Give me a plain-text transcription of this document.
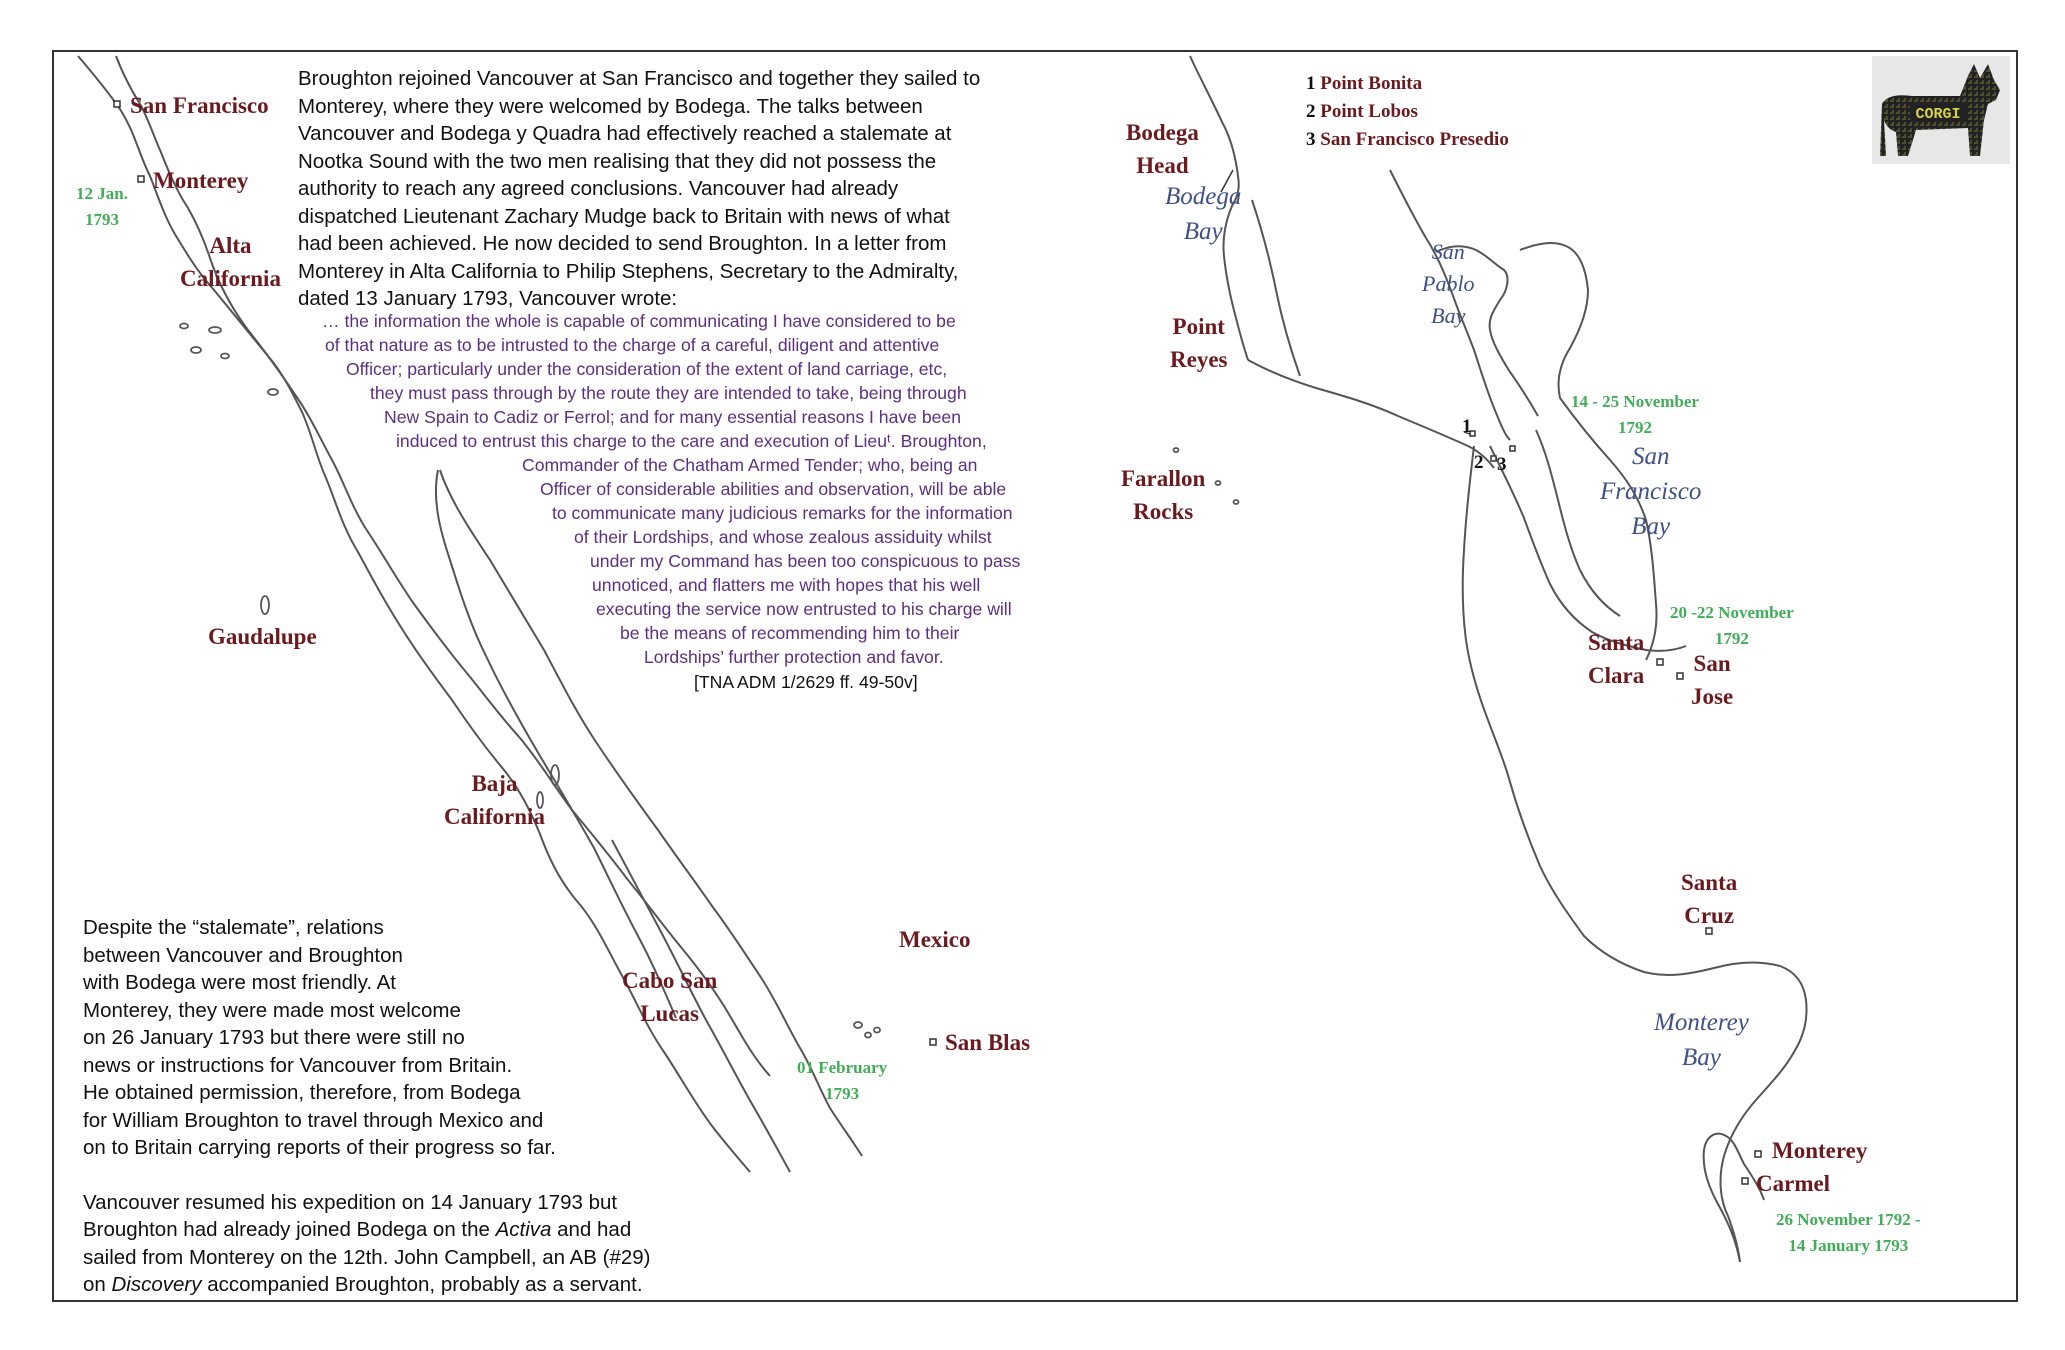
Broughton rejoined Vancouver at San Francisco and together they sailed to
Monterey, where they were welcomed by Bodega. The talks between
Vancouver and Bodega y Quadra had effectively reached a stalemate at
Nootka Sound with the two men realising that they did not possess the
authority to reach any agreed conclusions. Vancouver had already
dispatched Lieutenant Zachary Mudge back to Britain with news of what
had been achieved. He now decided to send Broughton. In a letter from
Monterey in Alta California to Philip Stephens, Secretary to the Admiralty,
dated 13 January 1793, Vancouver wrote:
… the information the whole is capable of communicating I have considered to be
of that nature as to be intrusted to the charge of a careful, diligent and attentive
Officer; particularly under the consideration of the extent of land carriage, etc,
they must pass through by the route they are intended to take, being through
New Spain to Cadiz or Ferrol; and for many essential reasons I have been
induced to entrust this charge to the care and execution of Lieuᵗ. Broughton,
Commander of the Chatham Armed Tender; who, being an
Officer of considerable abilities and observation, will be able
to communicate many judicious remarks for the information
of their Lordships, and whose zealous assiduity whilst
under my Command has been too conspicuous to pass
unnoticed, and flatters me with hopes that his well
executing the service now entrusted to his charge will
be the means of recommending him to their
Lordships’ further protection and favor.
[TNA ADM 1/2629 ff. 49-50v]
Despite the “stalemate”, relations
between Vancouver and Broughton
with Bodega were most friendly. At
Monterey, they were made most welcome
on 26 January 1793 but there were still no
news or instructions for Vancouver from Britain.
He obtained permission, therefore, from Bodega
for William Broughton to travel through Mexico and
on to Britain carrying reports of their progress so far.
Vancouver resumed his expedition on 14 January 1793 but
Broughton had already joined Bodega on the Activa and had
sailed from Monterey on the 12th. John Campbell, an AB (#29)
on Discovery accompanied Broughton, probably as a servant.
1 Point Bonita
2 Point Lobos
3 San Francisco Presedio
CORGI
San Francisco
Monterey
Alta
California
Gaudalupe
Baja
California
Cabo San
Lucas
Mexico
San Blas
Bodega
Head
Point
Reyes
Farallon
Rocks
Santa
Clara San
Jose
Santa
Cruz
Monterey
Carmel
Bodega
Bay
San
Pablo
Bay
San
Francisco
Bay
Monterey
Bay
12 Jan.
1793
01 February
1793
14 - 25 November
1792
20 -22 November
1792
26 November 1792 -
14 January 1793
1
2 3
